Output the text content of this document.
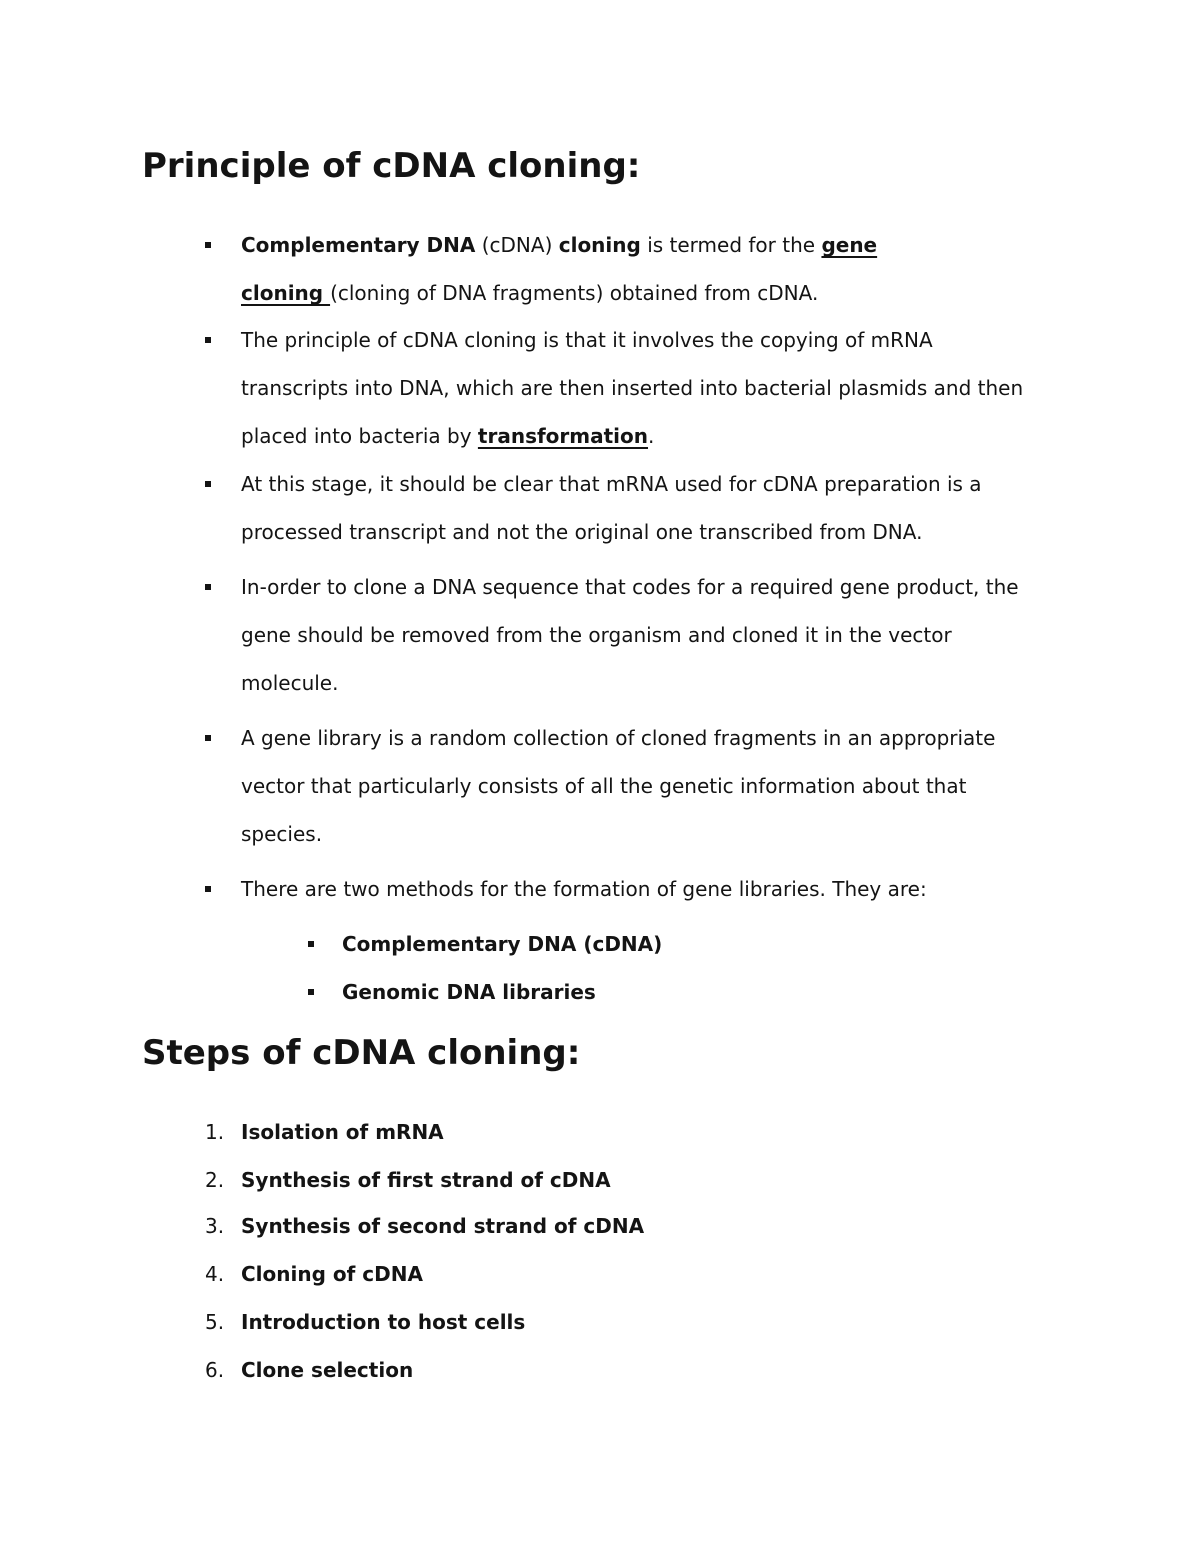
Principle of cDNA cloning:

Complementary DNA (cDNA) cloning is termed for the gene
cloning (cloning of DNA fragments) obtained from cDNA.

The principle of cDNA cloning is that it involves the copying of mRNA
transcripts into DNA, which are then inserted into bacterial plasmids and then
placed into bacteria by transformation.

At this stage, it should be clear that mRNA used for cDNA preparation is a
processed transcript and not the original one transcribed from DNA.

In-order to clone a DNA sequence that codes for a required gene product, the
gene should be removed from the organism and cloned it in the vector
molecule.

A gene library is a random collection of cloned fragments in an appropriate
vector that particularly consists of all the genetic information about that
species.

There are two methods for the formation of gene libraries. They are:

Complementary DNA (cDNA)
Genomic DNA libraries
Steps of cDNA cloning:
1. Isolation of mRNA
2. Synthesis of first strand of cDNA
3. Synthesis of second strand of cDNA
4. Cloning of cDNA
5. Introduction to host cells
6. Clone selection
